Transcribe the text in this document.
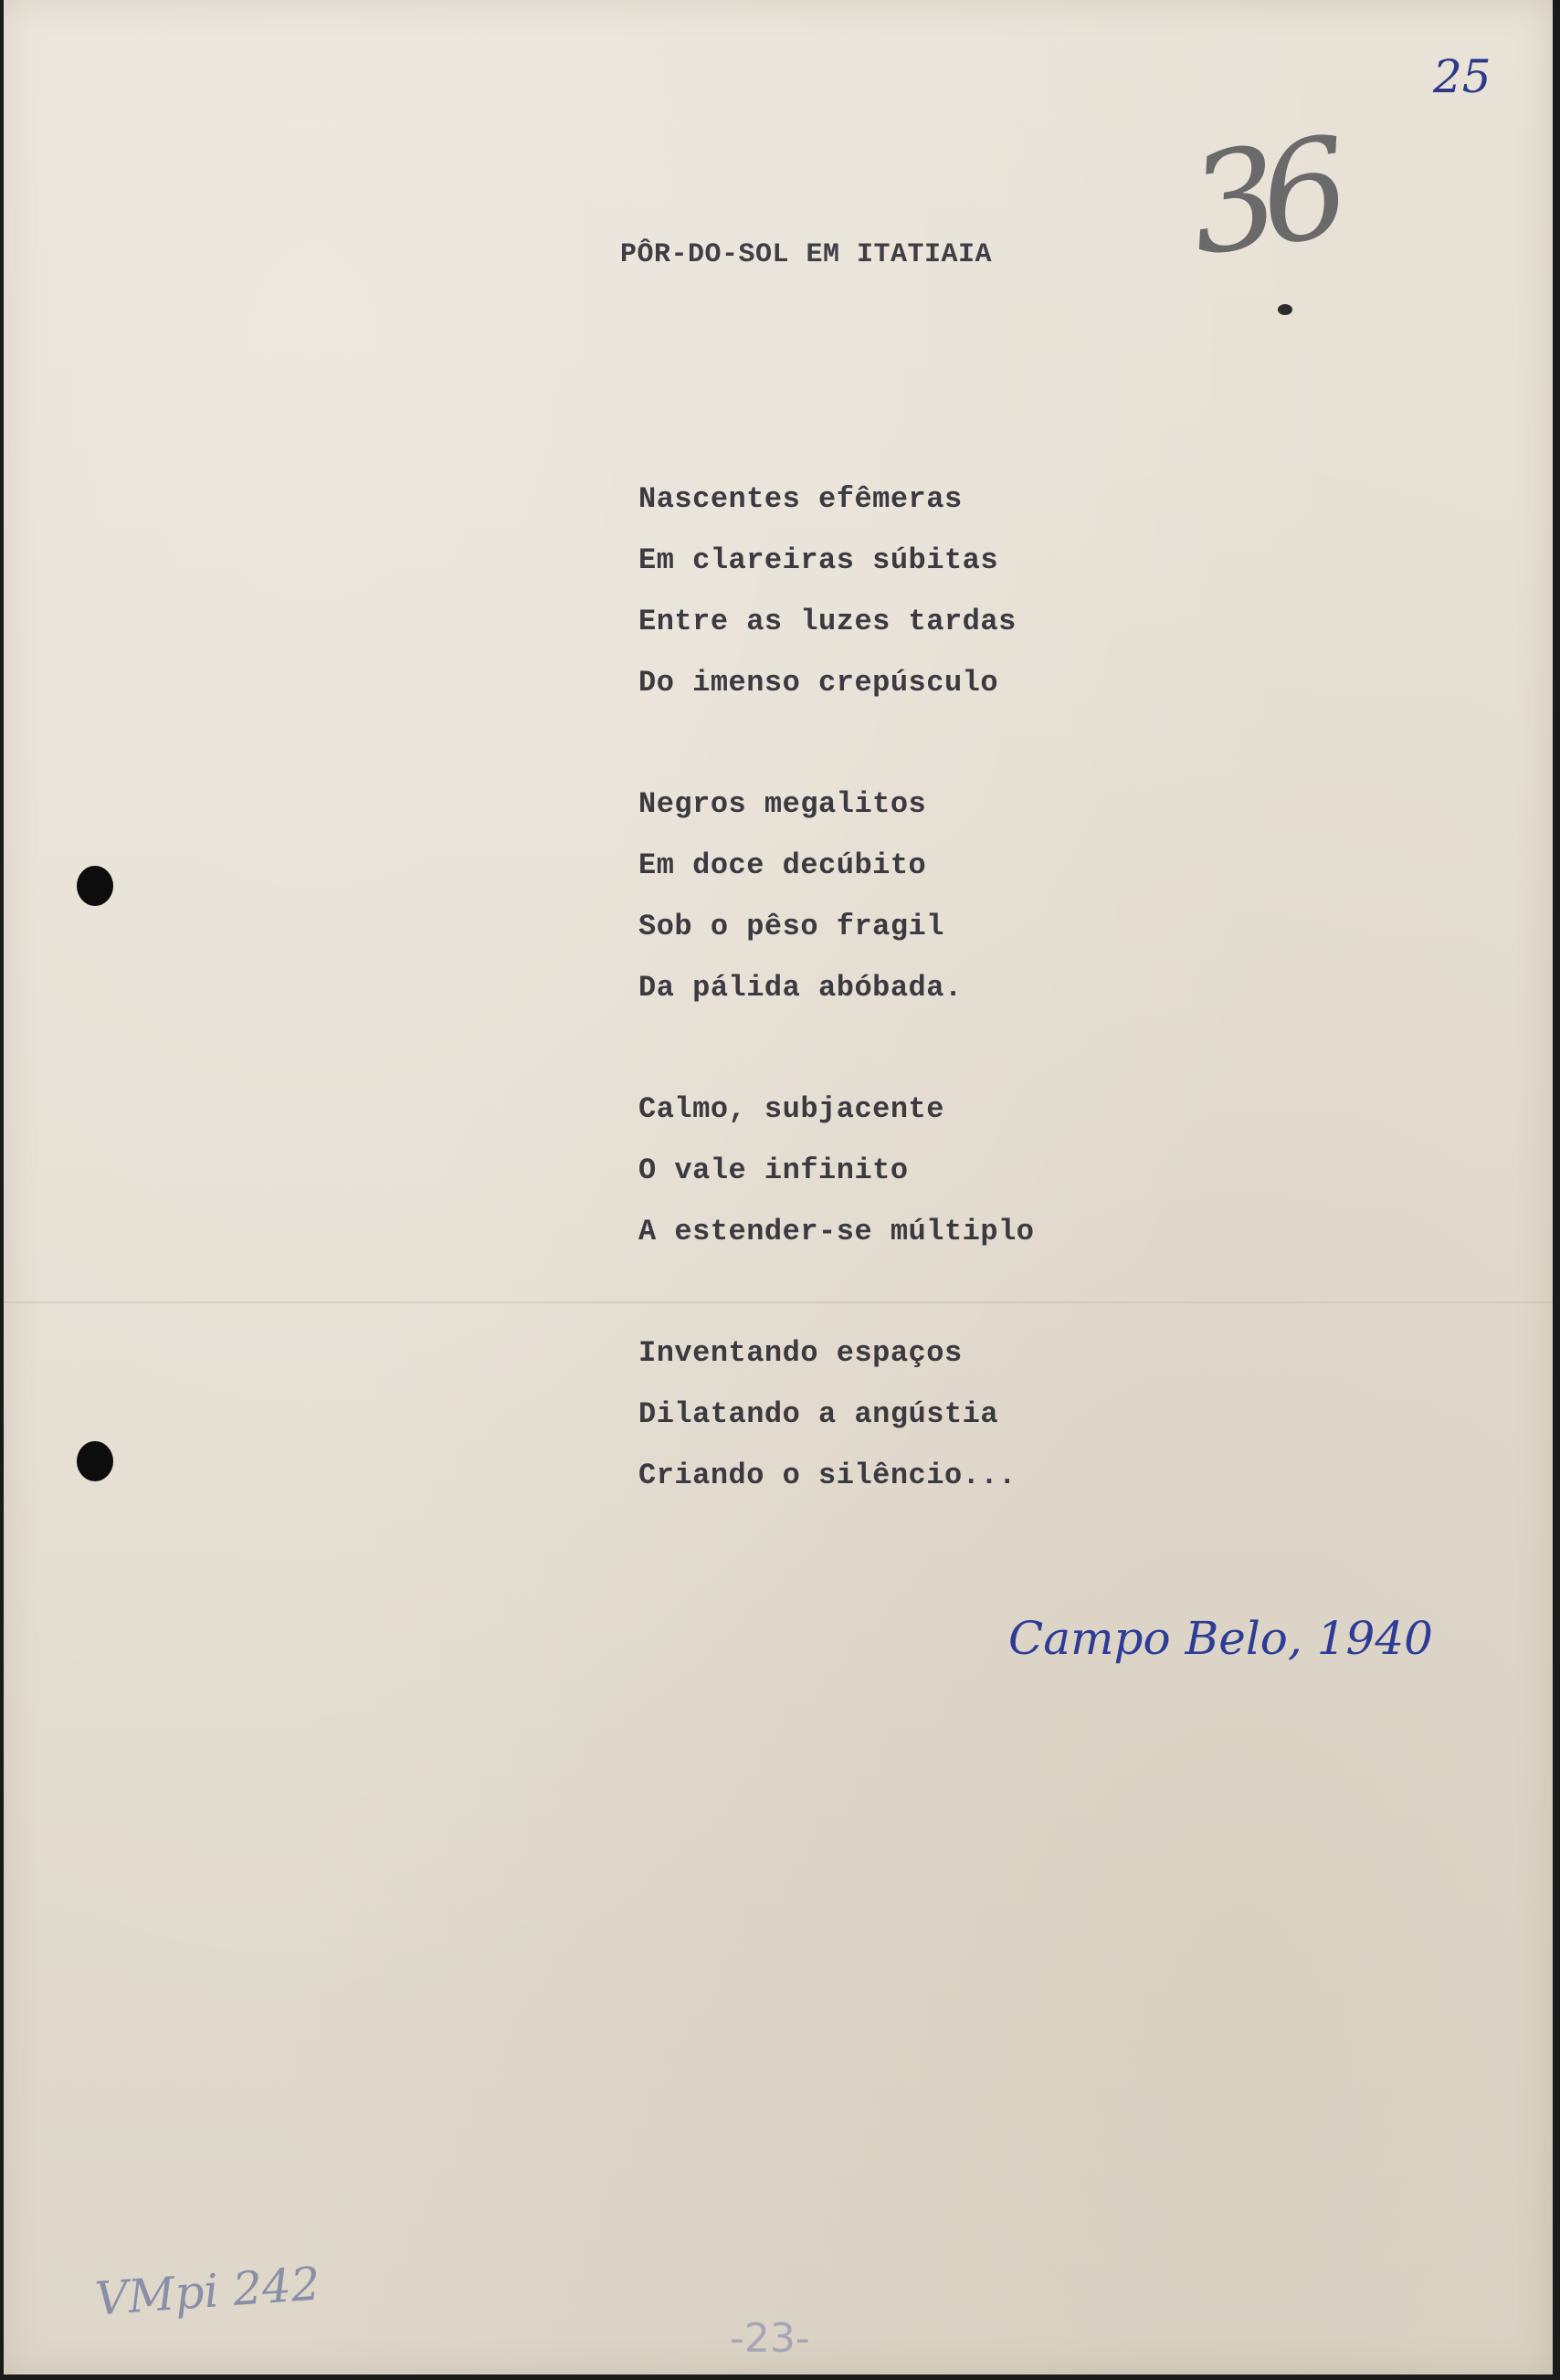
25
36
PÔR-DO-SOL EM ITATIAIA

Nascentes efêmeras

Em clareiras súbitas

Entre as luzes tardas

Do imenso crepúsculo

Negros megalitos

Em doce decúbito

Sob o pêso fragil

Da pálida abóbada.

Calmo, subjacente

O vale infinito

A estender-se múltiplo

Inventando espaços

Dilatando a angústia

Criando o silêncio...

Campo Belo, 1940
VMpi 242
-23-
